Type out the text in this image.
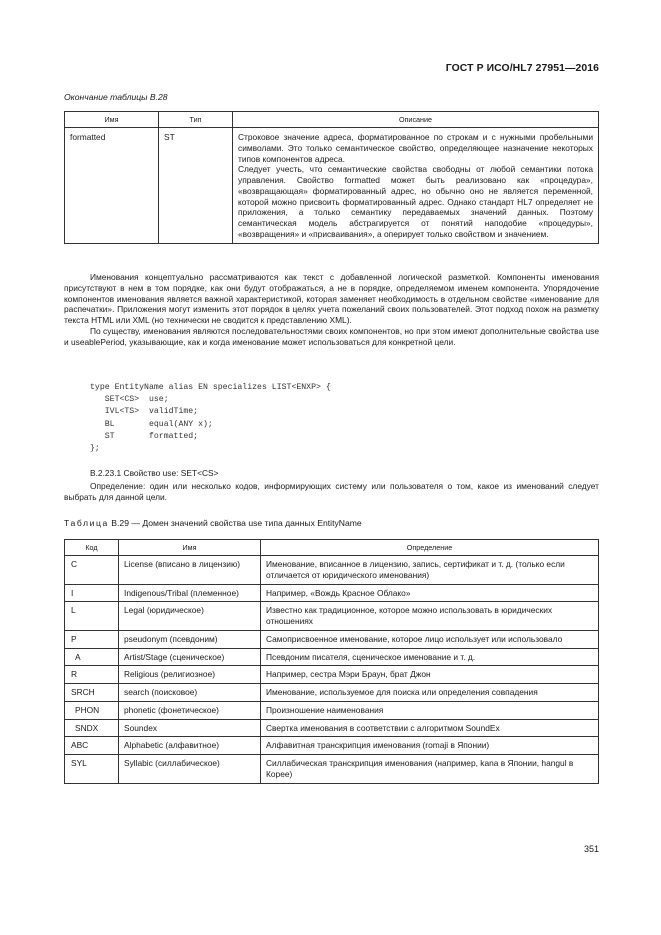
ГОСТ Р ИСО/HL7 27951—2016
Окончание таблицы В.28
Имя	Тип	Описание
formatted	ST	Строковое значение адреса, форматированное по строкам и с нужными пробельными символами. Это только семантическое свойство, определяющее назначение некоторых типов компонентов адреса.

Следует учесть, что семантические свойства свободны от любой семантики потока управления. Свойство formatted может быть реализовано как «процедура», «возвращающая» форматированный адрес, но обычно оно не является переменной, которой можно присвоить форматированный адрес. Однако стандарт HL7 определяет не приложения, а только семантику передаваемых значений данных. Поэтому семантическая модель абстрагируется от понятий наподобие «процедуры», «возвращения» и «присваивания», а оперирует только свойством и значением.

Именования концептуально рассматриваются как текст с добавленной логической разметкой. Компоненты именования присутствуют в нем в том порядке, как они будут отображаться, а не в порядке, определяемом именем компонента. Упорядочение компонентов именования является важной характеристикой, которая заменяет необходимость в отдельном свойстве «именование для распечатки». Приложения могут изменить этот порядок в целях учета пожеланий своих пользователей. Этот подход похож на разметку текста HTML или XML (но технически не сводится к представлению XML).

По существу, именования являются последовательностями своих компонентов, но при этом имеют дополнительные свойства use и useablePeriod, указывающие, как и когда именование может использоваться для конкретной цели.

type EntityName alias EN specializes LIST<ENXP> {
SET<CS>  use;
IVL<TS>  validTime;
BL       equal(ANY x);
ST       formatted;
};
В.2.23.1 Свойство use: SET<CS>

Определение: один или несколько кодов, информирующих систему или пользователя о том, какое из именований следует выбрать для данной цели.

Таблица В.29 — Домен значений свойства use типа данных EntityName
Код	Имя	Определение
C	License (вписано в лицензию)	Именование, вписанное в лицензию, запись, сертификат и т. д. (только если отличается от юридического именования)
I	Indigenous/Tribal (племенное)	Например, «Вождь Красное Облако»
L	Legal (юридическое)	Известно как традиционное, которое можно использовать в юридических отношениях
P	pseudonym (псевдоним)	Самоприсвоенное именование, которое лицо использует или использовало
A	Artist/Stage (сценическое)	Псевдоним писателя, сценическое именование и т. д.
R	Religious (религиозное)	Например, сестра Мэри Браун, брат Джон
SRCH	search (поисковое)	Именование, используемое для поиска или определения совпадения
PHON	phonetic (фонетическое)	Произношение наименования
SNDX	Soundex	Свертка именования в соответствии с алгоритмом SoundEx
ABC	Alphabetic (алфавитное)	Алфавитная транскрипция именования (romaji в Японии)
SYL	Syllabic (силлабическое)	Силлабическая транскрипция именования (например, kana в Японии, hangul в Корее)
351
